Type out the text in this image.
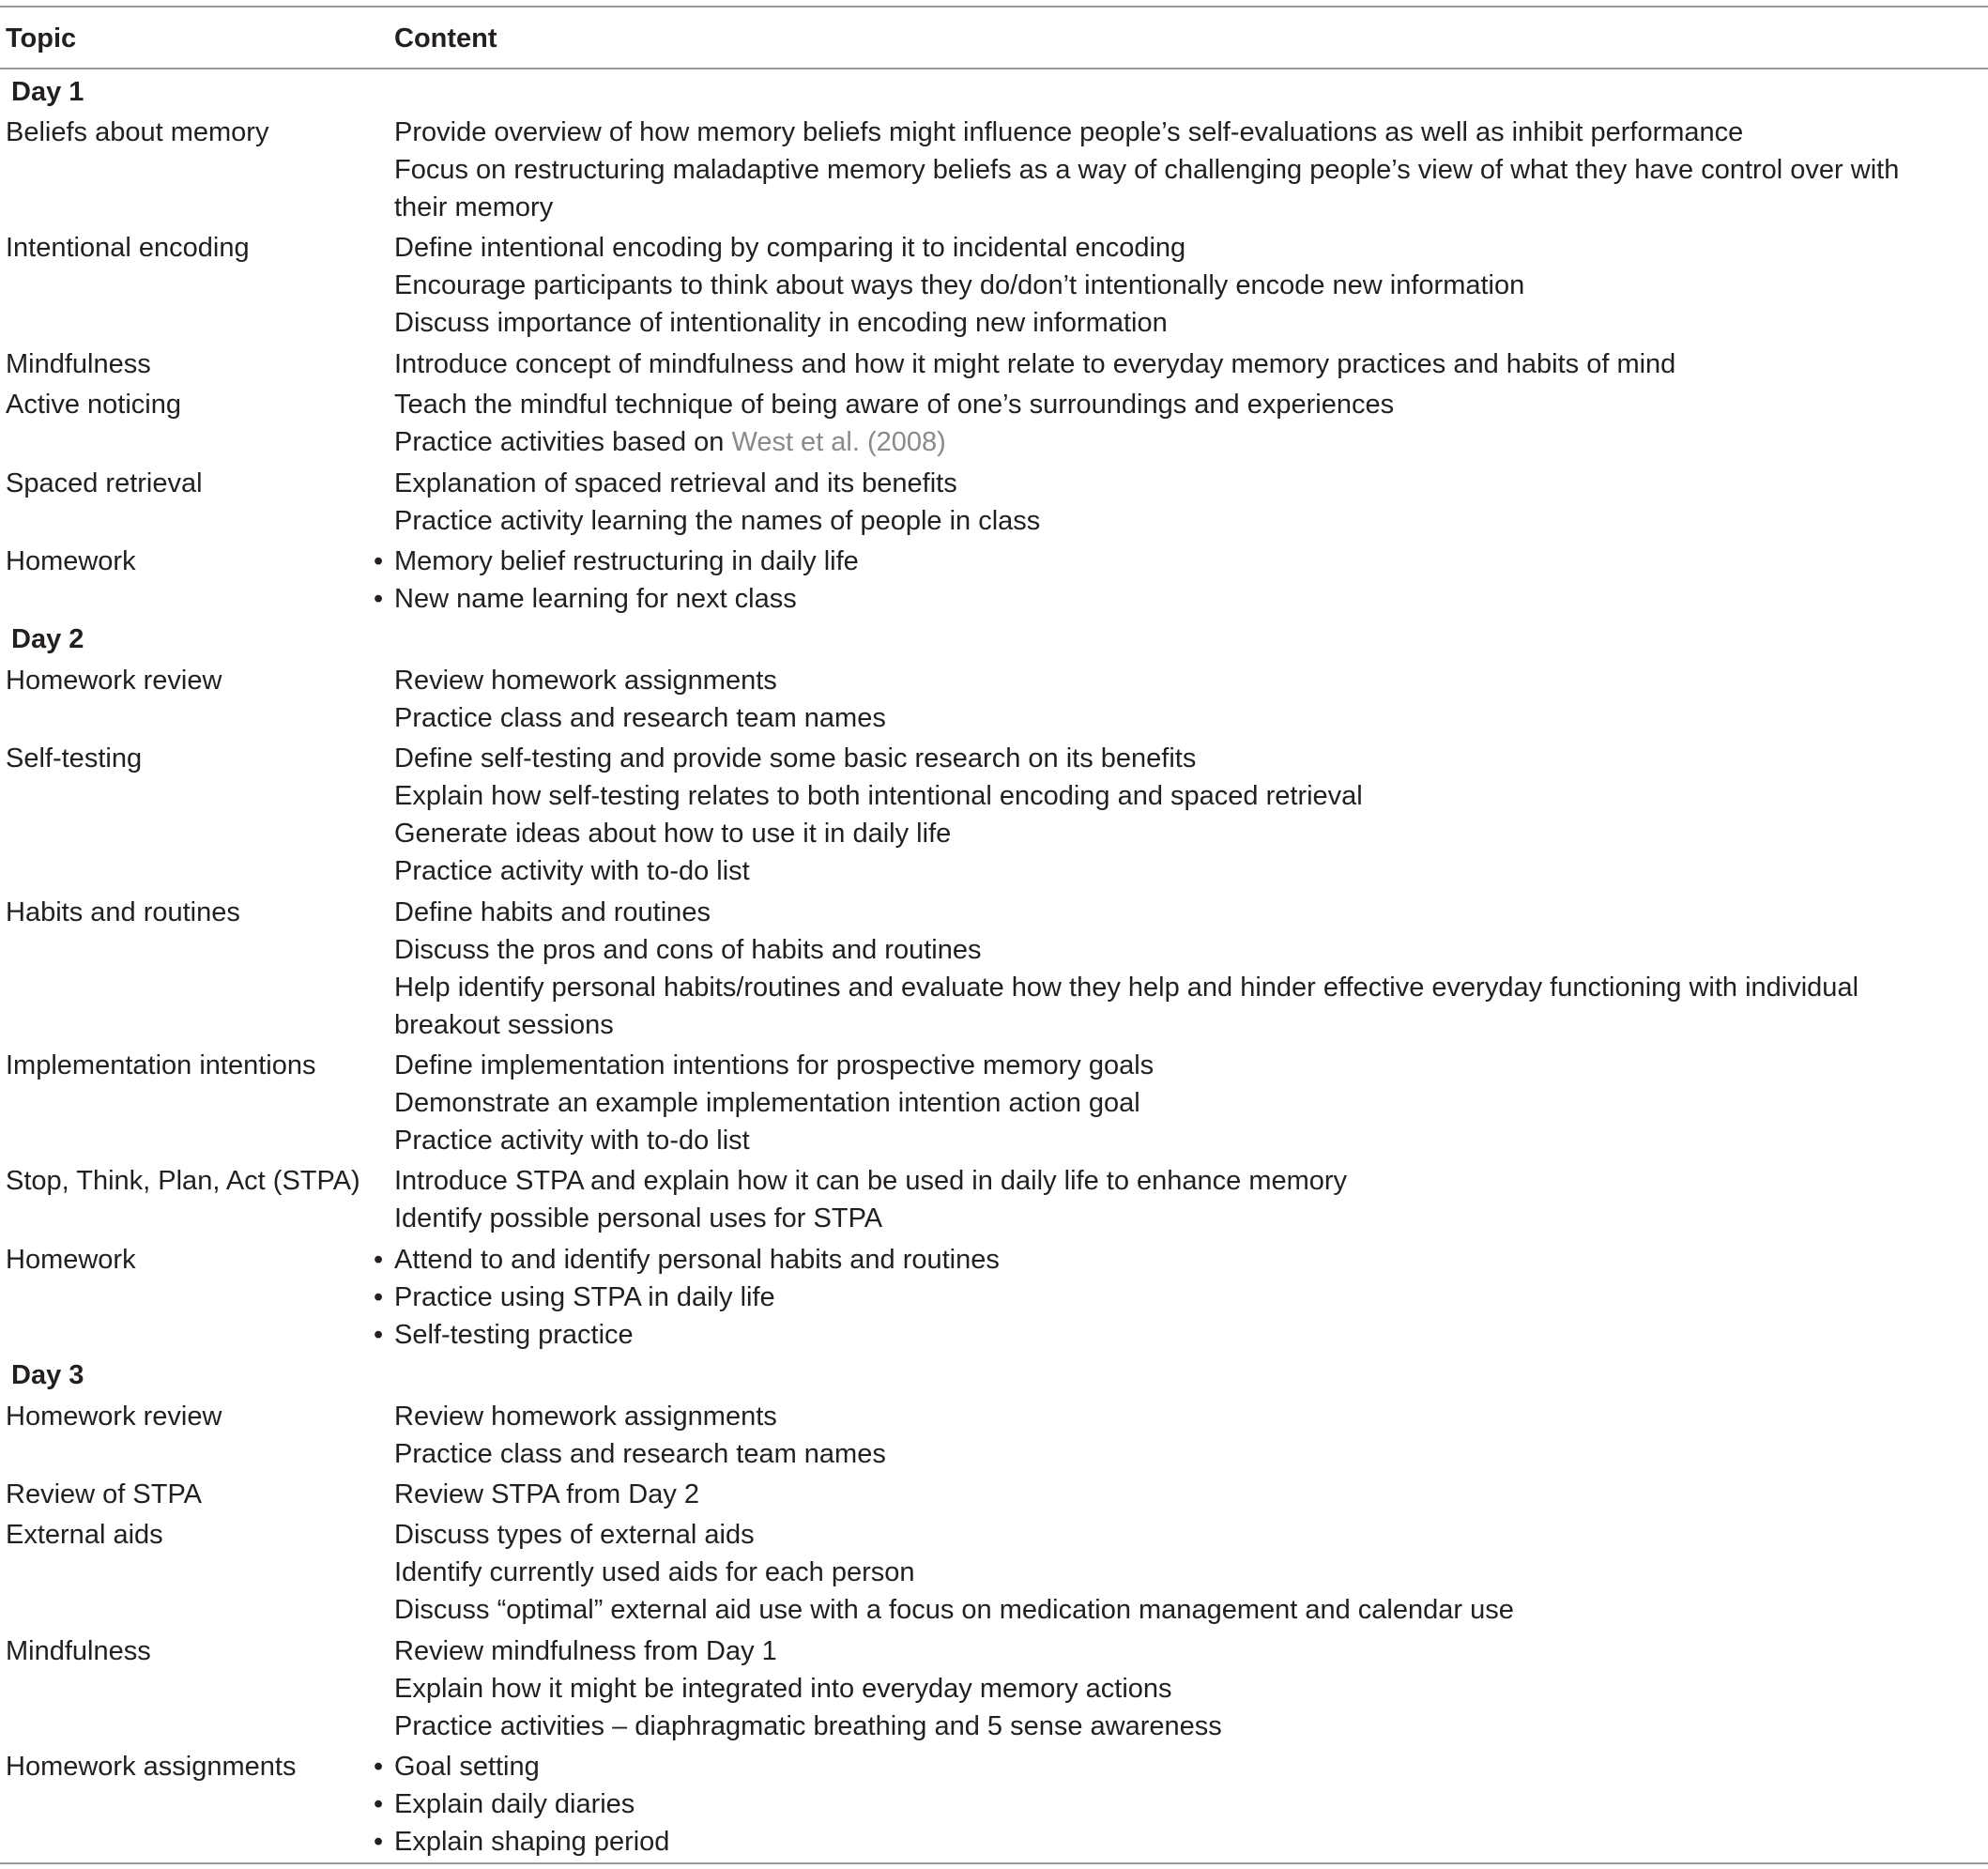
Topic	Content
Day 1
Beliefs about memory	Provide overview of how memory beliefs might influence people’s self-evaluations as well as inhibit performance
Focus on restructuring maladaptive memory beliefs as a way of challenging people’s view of what they have control over with their memory
Intentional encoding	Define intentional encoding by comparing it to incidental encoding
Encourage participants to think about ways they do/don’t intentionally encode new information
Discuss importance of intentionality in encoding new information
Mindfulness	Introduce concept of mindfulness and how it might relate to everyday memory practices and habits of mind
Active noticing	Teach the mindful technique of being aware of one’s surroundings and experiences
Practice activities based on West et al. (2008)
Spaced retrieval	Explanation of spaced retrieval and its benefits
Practice activity learning the names of people in class
Homework	• Memory belief restructuring in daily life
• New name learning for next class
Day 2
Homework review	Review homework assignments
Practice class and research team names
Self-testing	Define self-testing and provide some basic research on its benefits
Explain how self-testing relates to both intentional encoding and spaced retrieval
Generate ideas about how to use it in daily life
Practice activity with to-do list
Habits and routines	Define habits and routines
Discuss the pros and cons of habits and routines
Help identify personal habits/routines and evaluate how they help and hinder effective everyday functioning with individual breakout sessions
Implementation intentions	Define implementation intentions for prospective memory goals
Demonstrate an example implementation intention action goal
Practice activity with to-do list
Stop, Think, Plan, Act (STPA)	Introduce STPA and explain how it can be used in daily life to enhance memory
Identify possible personal uses for STPA
Homework	• Attend to and identify personal habits and routines
• Practice using STPA in daily life
• Self-testing practice
Day 3
Homework review	Review homework assignments
Practice class and research team names
Review of STPA	Review STPA from Day 2
External aids	Discuss types of external aids
Identify currently used aids for each person
Discuss “optimal” external aid use with a focus on medication management and calendar use
Mindfulness	Review mindfulness from Day 1
Explain how it might be integrated into everyday memory actions
Practice activities – diaphragmatic breathing and 5 sense awareness
Homework assignments	• Goal setting
• Explain daily diaries
• Explain shaping period
